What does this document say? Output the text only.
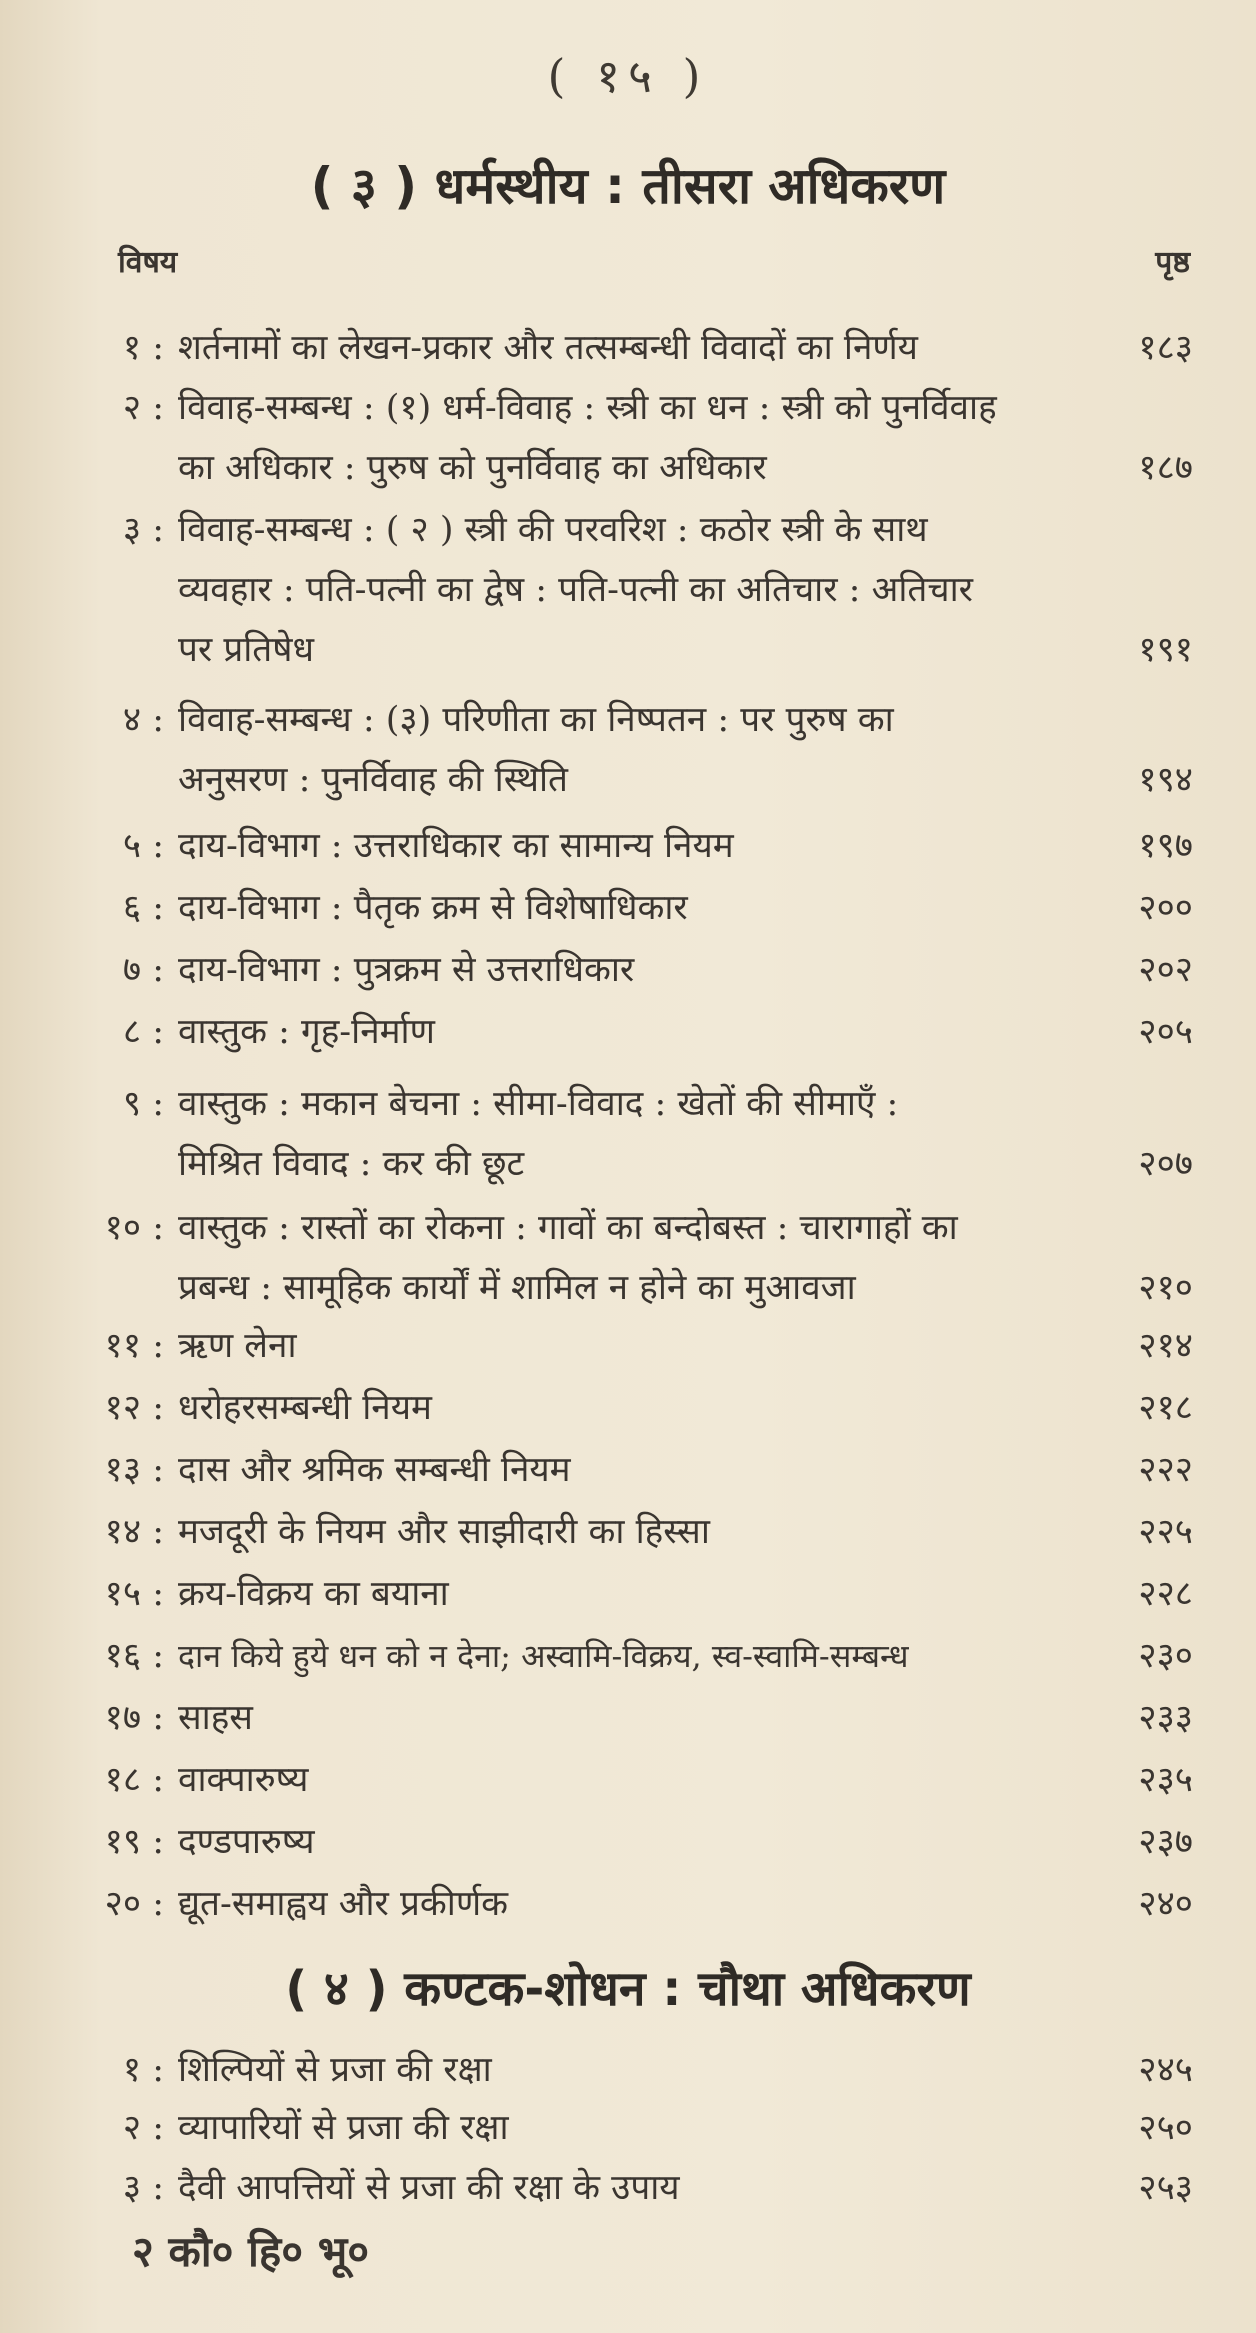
( १५ )
( ३ ) धर्मस्थीय : तीसरा अधिकरण
विषय	पृष्ठ
१ : शर्तनामों का लेखन-प्रकार और तत्सम्बन्धी विवादों का निर्णय	१८३
२ : विवाह-सम्बन्ध : (१) धर्म-विवाह : स्त्री का धन : स्त्री को पुनर्विवाह
का अधिकार : पुरुष को पुनर्विवाह का अधिकार	१८७
३ : विवाह-सम्बन्ध : ( २ ) स्त्री की परवरिश : कठोर स्त्री के साथ
व्यवहार : पति-पत्नी का द्वेष : पति-पत्नी का अतिचार : अतिचार
पर प्रतिषेध	१९१
४ : विवाह-सम्बन्ध : (३) परिणीता का निष्पतन : पर पुरुष का
अनुसरण : पुनर्विवाह की स्थिति	१९४
५ : दाय-विभाग : उत्तराधिकार का सामान्य नियम	१९७
६ : दाय-विभाग : पैतृक क्रम से विशेषाधिकार	२००
७ : दाय-विभाग : पुत्रक्रम से उत्तराधिकार	२०२
८ : वास्तुक : गृह-निर्माण	२०५
९ : वास्तुक : मकान बेचना : सीमा-विवाद : खेतों की सीमाएँ :
मिश्रित विवाद : कर की छूट	२०७
१० : वास्तुक : रास्तों का रोकना : गावों का बन्दोबस्त : चारागाहों का
प्रबन्ध : सामूहिक कार्यों में शामिल न होने का मुआवजा	२१०
११ : ऋण लेना	२१४
१२ : धरोहरसम्बन्धी नियम	२१८
१३ : दास और श्रमिक सम्बन्धी नियम	२२२
१४ : मजदूरी के नियम और साझीदारी का हिस्सा	२२५
१५ : क्रय-विक्रय का बयाना	२२८
१६ : दान किये हुये धन को न देना; अस्वामि-विक्रय, स्व-स्वामि-सम्बन्ध	२३०
१७ : साहस	२३३
१८ : वाक्पारुष्य	२३५
१९ : दण्डपारुष्य	२३७
२० : द्यूत-समाह्वय और प्रकीर्णक	२४०
( ४ ) कण्टक-शोधन : चौथा अधिकरण
१ : शिल्पियों से प्रजा की रक्षा	२४५
२ : व्यापारियों से प्रजा की रक्षा	२५०
३ : दैवी आपत्तियों से प्रजा की रक्षा के उपाय	२५३
२ कौ० हि० भू०
